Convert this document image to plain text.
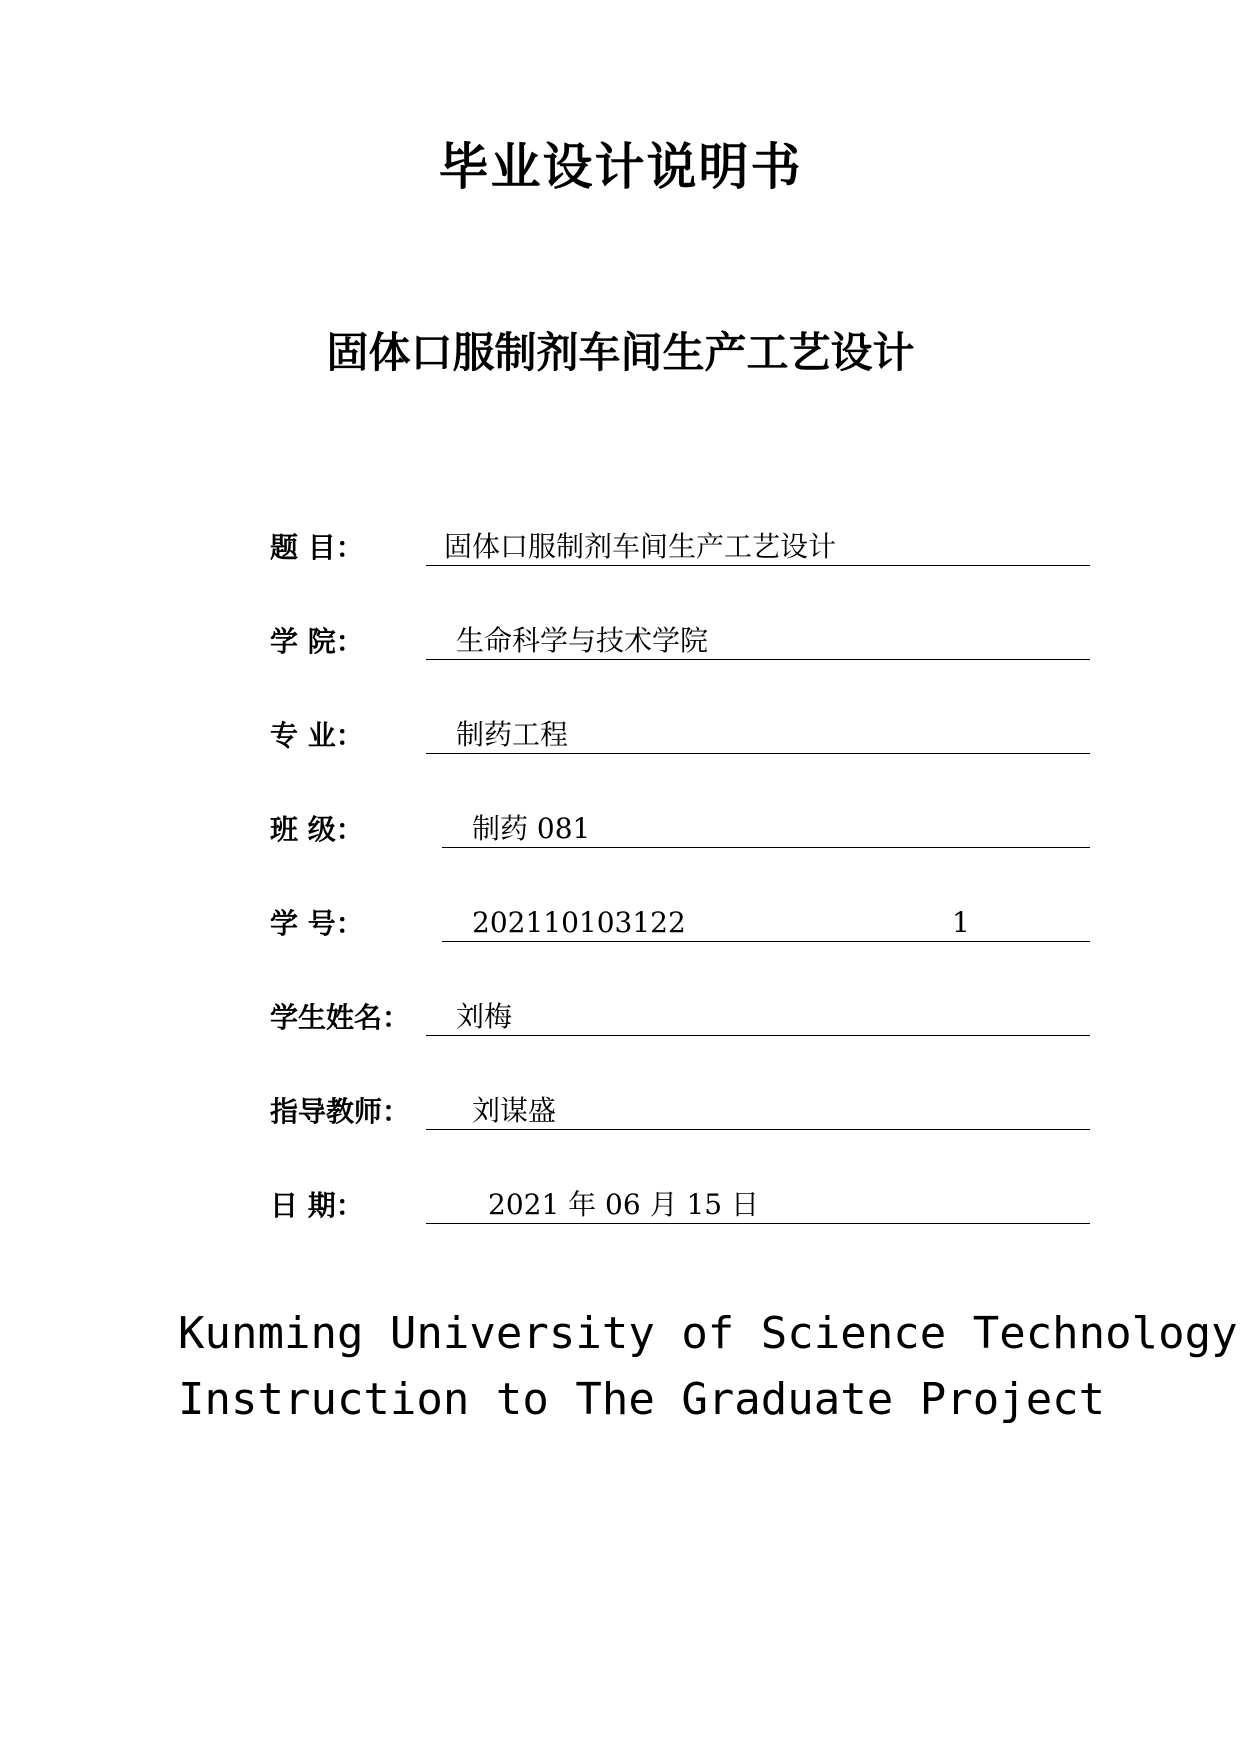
毕业设计说明书
固体口服制剂车间生产工艺设计
题 目：	固体口服制剂车间生产工艺设计
学 院：	生命科学与技术学院
专 业：	制药工程
班 级：	制药 081
学 号：	202110103122	1
学生姓名： 刘梅
指导教师： 刘谋盛
日 期：	2021 年 06 月 15 日
Kunming University of Science Technology
Instruction to The Graduate Project
